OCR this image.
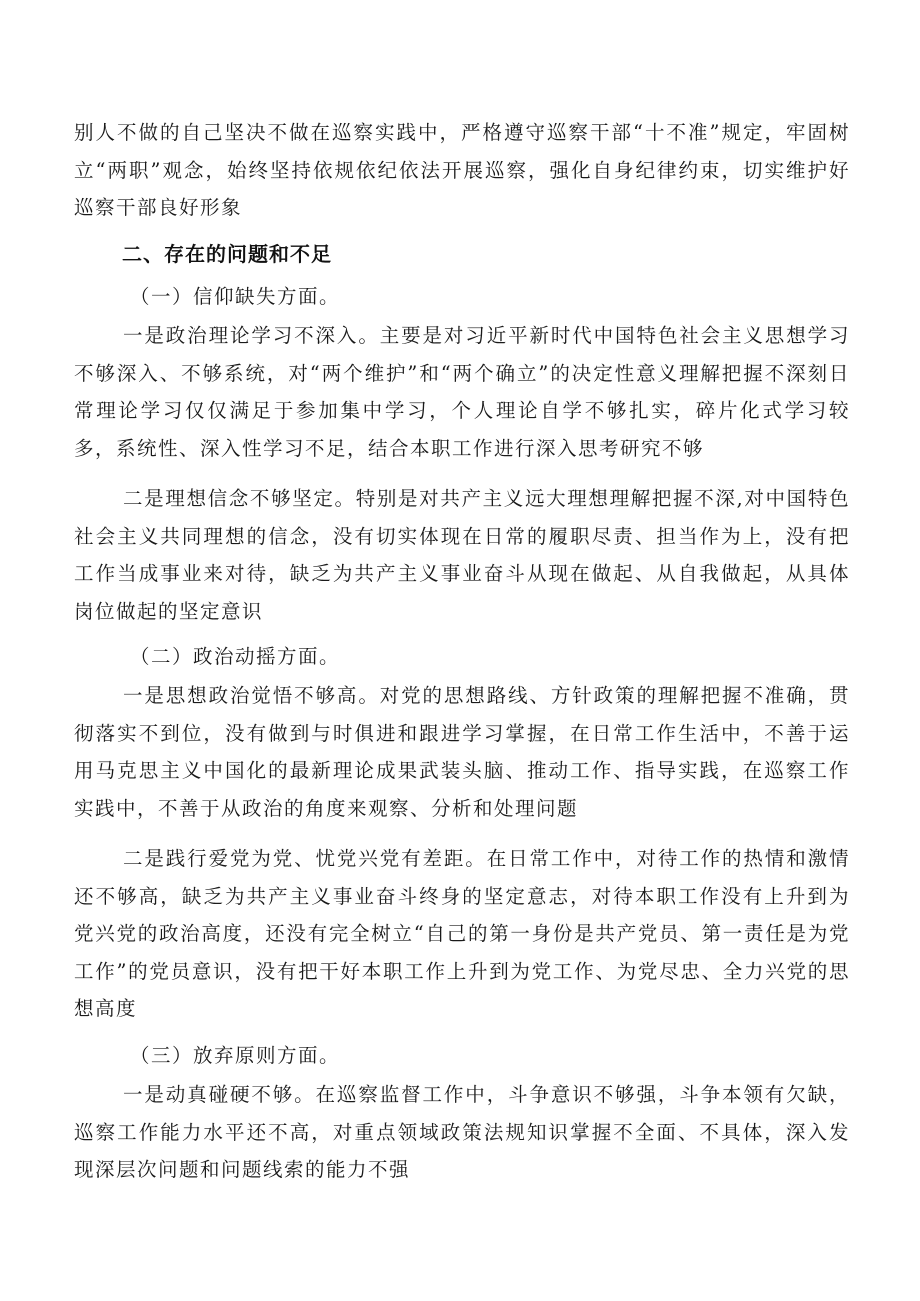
别人不做的自己坚决不做在巡察实践中，严格遵守巡察干部“十不准”规定，牢固树立“两职”观念，始终坚持依规依纪依法开展巡察，强化自身纪律约束，切实维护好巡察干部良好形象

二、存在的问题和不足

（一）信仰缺失方面。

一是政治理论学习不深入。主要是对习近平新时代中国特色社会主义思想学习不够深入、不够系统，对“两个维护”和“两个确立”的决定性意义理解把握不深刻日常理论学习仅仅满足于参加集中学习，个人理论自学不够扎实，碎片化式学习较多，系统性、深入性学习不足，结合本职工作进行深入思考研究不够

二是理想信念不够坚定。特别是对共产主义远大理想理解把握不深,对中国特色社会主义共同理想的信念，没有切实体现在日常的履职尽责、担当作为上，没有把工作当成事业来对待，缺乏为共产主义事业奋斗从现在做起、从自我做起，从具体岗位做起的坚定意识

（二）政治动摇方面。

一是思想政治觉悟不够高。对党的思想路线、方针政策的理解把握不准确，贯彻落实不到位，没有做到与时俱进和跟进学习掌握，在日常工作生活中，不善于运用马克思主义中国化的最新理论成果武装头脑、推动工作、指导实践，在巡察工作实践中，不善于从政治的角度来观察、分析和处理问题

二是践行爱党为党、忧党兴党有差距。在日常工作中，对待工作的热情和激情还不够高，缺乏为共产主义事业奋斗终身的坚定意志，对待本职工作没有上升到为党兴党的政治高度，还没有完全树立“自己的第一身份是共产党员、第一责任是为党工作”的党员意识，没有把干好本职工作上升到为党工作、为党尽忠、全力兴党的思想高度

（三）放弃原则方面。

一是动真碰硬不够。在巡察监督工作中，斗争意识不够强，斗争本领有欠缺，巡察工作能力水平还不高，对重点领域政策法规知识掌握不全面、不具体，深入发现深层次问题和问题线索的能力不强
